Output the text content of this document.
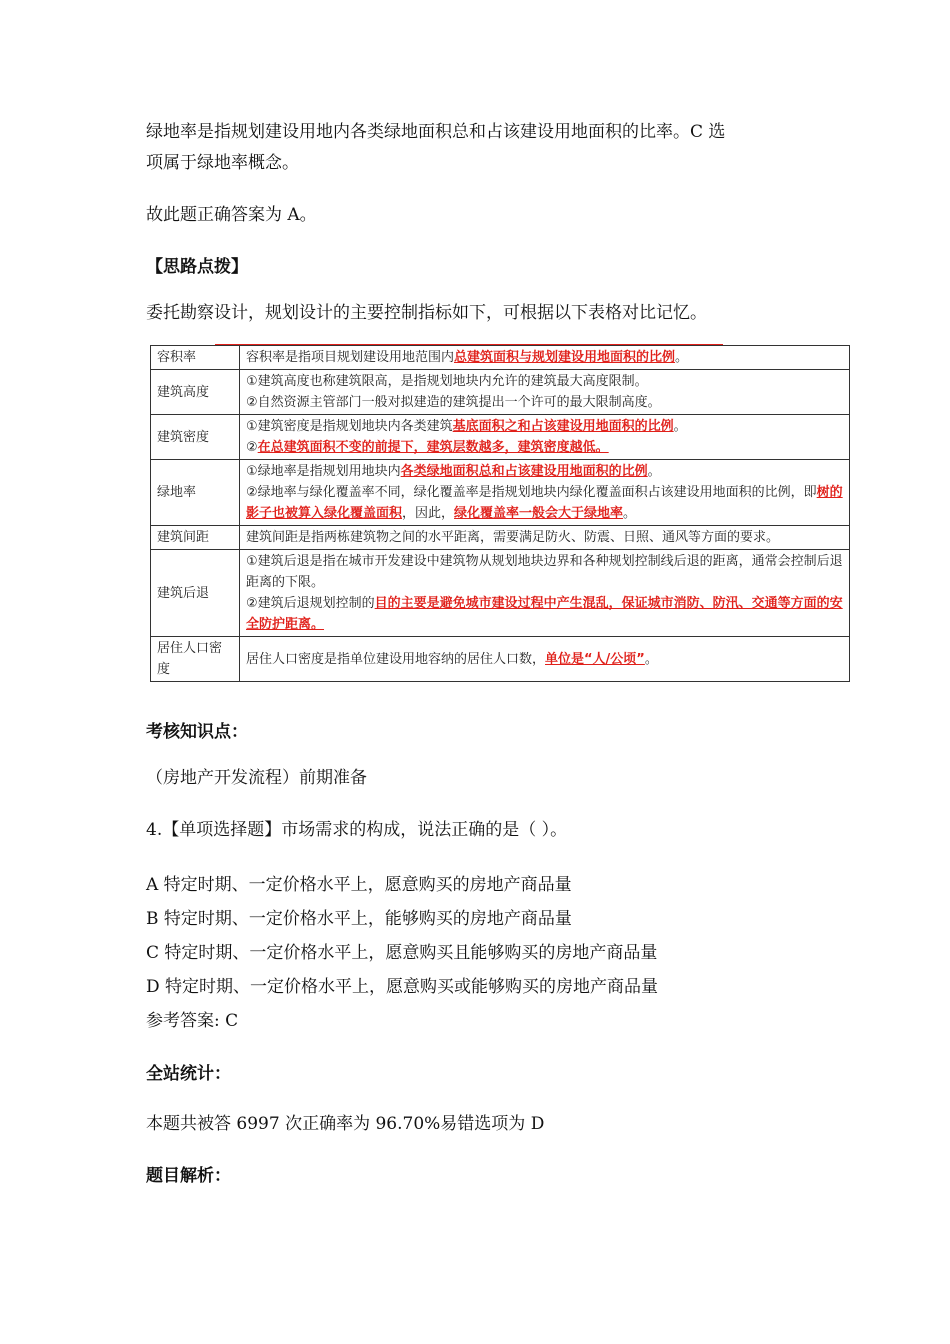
绿地率是指规划建设用地内各类绿地面积总和占该建设用地面积的比率。C 选

项属于绿地率概念。

故此题正确答案为 A。

【思路点拨】

委托勘察设计，规划设计的主要控制指标如下，可根据以下表格对比记忆。

容积率	容积率是指项目规划建设用地范围内总建筑面积与规划建设用地面积的比例。

建筑高度	①建筑高度也称建筑限高，是指规划地块内允许的建筑最大高度限制。
②自然资源主管部门一般对拟建造的建筑提出一个许可的最大限制高度。

建筑密度	①建筑密度是指规划地块内各类建筑基底面积之和占该建设用地面积的比例。
②在总建筑面积不变的前提下，建筑层数越多，建筑密度越低。

绿地率	①绿地率是指规划用地块内各类绿地面积总和占该建设用地面积的比例。
②绿地率与绿化覆盖率不同，绿化覆盖率是指规划地块内绿化覆盖面积占该建设用地面积的比例，即树的影子也被算入绿化覆盖面积，因此，绿化覆盖率一般会大于绿地率。

建筑间距	建筑间距是指两栋建筑物之间的水平距离，需要满足防火、防震、日照、通风等方面的要求。

建筑后退	①建筑后退是指在城市开发建设中建筑物从规划地块边界和各种规划控制线后退的距离，通常会控制后退距离的下限。
②建筑后退规划控制的目的主要是避免城市建设过程中产生混乱，保证城市消防、防汛、交通等方面的安全防护距离。

居住人口密度	居住人口密度是指单位建设用地容纳的居住人口数，单位是“人/公顷”。

考核知识点：

（房地产开发流程）前期准备

4.【单项选择题】市场需求的构成，说法正确的是（ ）。

A 特定时期、一定价格水平上，愿意购买的房地产商品量

B 特定时期、一定价格水平上，能够购买的房地产商品量

C 特定时期、一定价格水平上，愿意购买且能够购买的房地产商品量

D 特定时期、一定价格水平上，愿意购买或能够购买的房地产商品量

参考答案: C

全站统计：

本题共被答 6997 次正确率为 96.70%易错选项为 D

题目解析：
